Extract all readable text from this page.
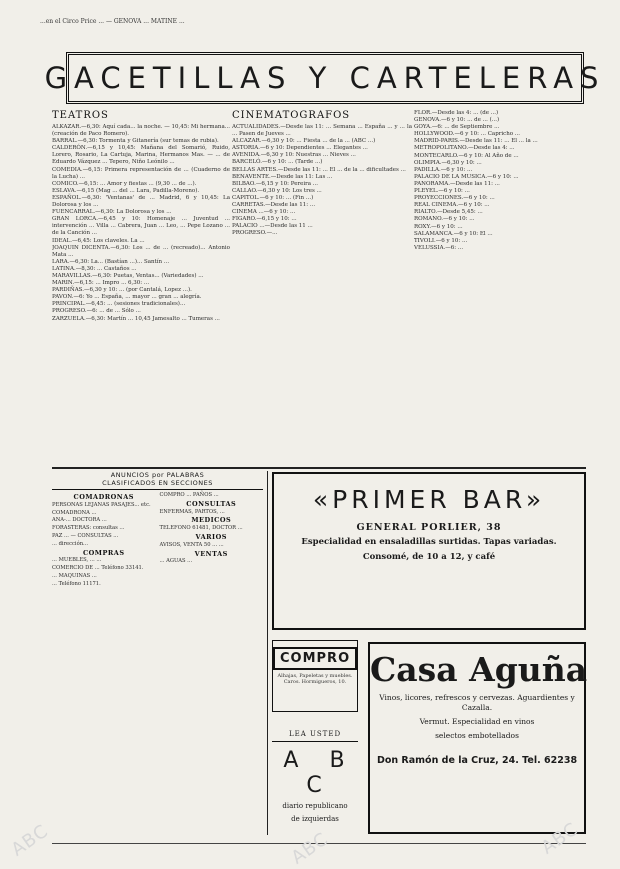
...en el Circo Price ... — GENOVA ... MATINÉ ...
GACETILLAS Y CARTELERAS
TEATROS

ALKAZAR.—6,30: Aquí cada... la noche. — 10,45: Mi hermana... (creación de Paco Romero).

BARRAL.—6,30: Tormenta y Gitanería (sur temas de rubia).

CALDERÓN.—6,15 y 10,45: Mañana del Somarió, Ruido, Lorero, Rosario, La Cartuja, Marina, Hermanos Mas. — ... de Eduardo Vázquez ... Tepero, Niño Leónilo ...

COMEDIA.—6,15: Primera representación de ... (Cuaderno de la Lucha) ...

COMICO.—6,15: ... Amor y fiestas ... (9,30 ... de ...).

ESLAVA.—6,15 (Mag ... del ... Lara, Padilla-Moreno).

ESPAÑOL.—6,30: 'Ventanas' de ... Madrid, 6 y 10,45: La Dolorosa y los ...

FUENCARRAL.—6,30: La Dolorosa y los ...

GRAN LORCA.—6,45 y 10: Homenaje ... Juventud ... intervención ... Villa ... Cabrera, Juan ... Leo, ... Pepe Lozano ... de la Canción ...

IDEAL.—6,45: Los claveles. La ...

JOAQUIN DICENTA.—6,30: Los ... de ... (recreado)... Antonio Mata ...

LARA.—6,30: La... (Bastían ...)... Santín ...

LATINA.—8,30: ... Castaños ...

MARAVILLAS.—6,30: Puetas, Ventas... (Variedades) ...

MARIN.—6,15: ... Impro ... 6,30: ...

PARDIÑAS.—6,30 y 10: ... (por Cantalá, Lopez ...).

PAVON.—6: Yo ... España, ... mayor ... gran ... alegría.

PRINCIPAL.—6,45: ... (sesiones tradicionales)...

PROGRESO.—6: ... de ... Sólo ...

ZARZUELA.—6,30: Martín ... 10,45 Jamesalto ... Tumeras ...

CINEMATOGRAFOS

ACTUALIDADES.—Desde las 11: ... Semana ... España ... y ... la ... Pasen de Jueves ...

ALCAZAR.—6,30 y 10: ... Fiesta ... de la ... (ABC ...)

ASTORIA.—6 y 10: Dependientes ... Elegantes ...

AVENIDA.—6,30 y 10: Nuestras ... Nieves ...

BARCELÓ.—6 y 10: ... (Tarde ...)

BELLAS ARTES.—Desde las 11: ... El ... de la ... dificultades ...

BENAVENTE.—Desde las 11: Las ...

BILBAO.—6,15 y 10: Pereira ...

CALLAO.—6,30 y 10: Los tres ...

CAPITOL.—6 y 10: ... (Fin ...)

CARRETAS.—Desde las 11: ...

CINEMA ...—6 y 10: ...

FIGARO.—6,15 y 10: ...

PALACIO ...—Desde las 11 ...

PROGRESO.—...

FLOR.—Desde las 4: ... (de ...)

GENOVA.—6 y 10: ... de ... (...)

GOYA.—6: ... de Septiembre ...

HOLLYWOOD.—6 y 10: ... Capricho ...

MADRID-PARIS.—Desde las 11: ... El ... la ...

METROPOLITANO.—Desde las 4: ...

MONTECARLO.—6 y 10: Al Año de ...

OLIMPIA.—6,30 y 10: ...

PADILLA.—6 y 10: ...

PALACIO DE LA MUSICA.—6 y 10: ...

PANORAMA.—Desde las 11: ...

PLEYEL.—6 y 10: ...

PROYECCIONES.—6 y 10: ...

REAL CINEMA.—6 y 10: ...

RIALTO.—Desde 5,45: ...

ROMANO.—6 y 10: ...

ROXY.—6 y 10: ...

SALAMANCA.—6 y 10: El ...

TIVOLI.—6 y 10: ...

VELUSSIA.—6: ...

ANUNCIOS por PALABRAS
CLASIFICADOS EN SECCIONES
COMADRONAS

PERSONAS LEJANAS PASAJES... etc.

COMADRONA ...

ANA-... DOCTORA ...

FORASTERAS: consultas ...

PAZ ... — CONSULTAS ...

... dirección...

COMPRAS

... MUEBLES, ... ...

COMERCIO DE ... Teléfono 33141.

... MAQUINAS ...

... Teléfono 11171.

COMPRO ... PAÑOS ...

CONSULTAS

ENFERMAS, PARTOS, ...

MEDICOS

TELEFONO 61481, DOCTOR ...

VARIOS

AVISOS, VENTA 50 ... ...

VENTAS

... AGUAS ...

«PRIMER BAR»
GENERAL PORLIER, 38
Especialidad en ensaladillas surtidas. Tapas variadas.
Consomé, de 10 a 12, y café
COMPRO
Alhajas, Papeletas y muebles. Caros. Hormigueros, 10.
LEA USTED
A B C
diario republicano
de izquierdas
Casa Aguña
Vinos, licores, refrescos y cervezas. Aguardientes y Cazalla.
Vermut. Especialidad en vinos
selectos embotellados
Don Ramón de la Cruz, 24. Tel. 62238
ABC	ABC	ABC
